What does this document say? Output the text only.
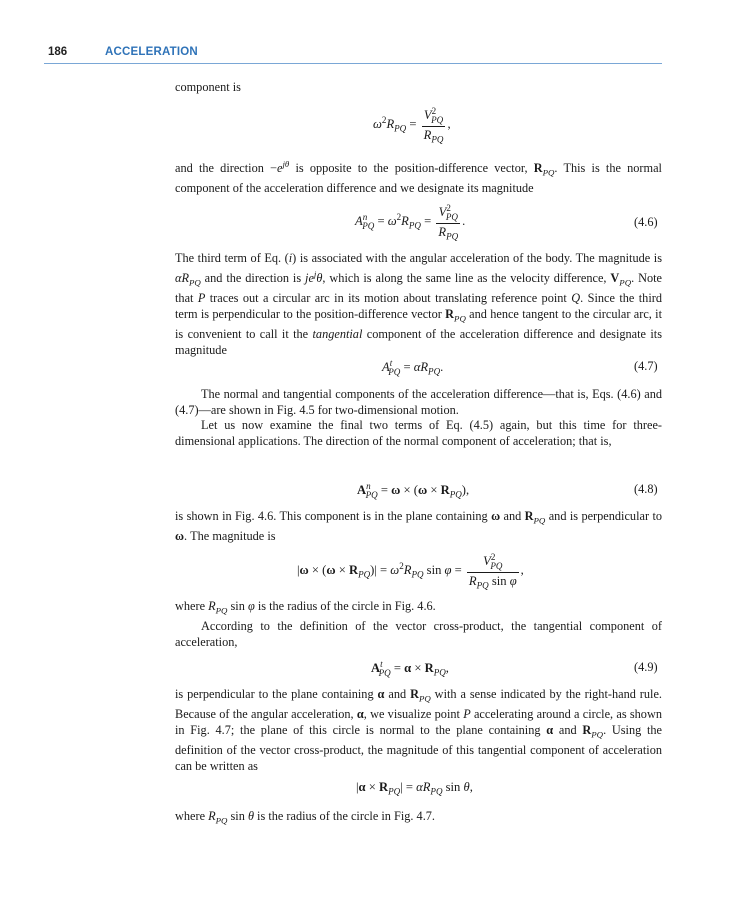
186	ACCELERATION

component is

$\omega^2R_{PQ} = \frac{V^2_{PQ}}{R_{PQ}}$ ,

and the direction $-e^{j\theta}$ is opposite to the position-difference vector, $R_{PQ}$. This is the normal component of the acceleration difference and we designate its magnitude

$A^n_{PQ} = \omega^2R_{PQ} = \frac{V^2_{PQ}}{R_{PQ}}$ .	(4.6)

The third term of Eq. (i) is associated with the angular acceleration of the body. The magnitude is $\alpha R_{PQ}$ and the direction is $je^j\theta$, which is along the same line as the velocity difference, $V_{PQ}$. Note that P traces out a circular arc in its motion about translating reference point Q. Since the third term is perpendicular to the position-difference vector $R_{PQ}$ and hence tangent to the circular arc, it is convenient to call it the tangential component of the acceleration difference and designate its magnitude

$A^t_{PQ} = \alpha R_{PQ}$.	(4.7)

The normal and tangential components of the acceleration difference—that is, Eqs. (4.6) and (4.7)—are shown in Fig. 4.5 for two-dimensional motion.

Let us now examine the final two terms of Eq. (4.5) again, but this time for three-dimensional applications. The direction of the normal component of acceleration; that is,

$A^n_{PQ} = \omega \times (\omega \times R_{PQ})$,	(4.8)

is shown in Fig. 4.6. This component is in the plane containing ω and $R_{PQ}$ and is perpendicular to ω. The magnitude is

$|\omega \times (\omega \times R_{PQ})| = \omega^2R_{PQ}$ $\sin \varphi = \frac{V^2_{PQ}}{R_{PQ} \sin \varphi}$ ,

where $R_{PQ}$ sin φ is the radius of the circle in Fig. 4.6.

According to the definition of the vector cross-product, the tangential component of acceleration,

$A^t_{PQ} = \alpha \times R_{PQ}$,	(4.9)

is perpendicular to the plane containing α and $R_{PQ}$ with a sense indicated by the right-hand rule. Because of the angular acceleration, α, we visualize point P accelerating around a circle, as shown in Fig. 4.7; the plane of this circle is normal to the plane containing α and $R_{PQ}$. Using the definition of the vector cross-product, the magnitude of this tangential component of acceleration can be written as

$|\alpha \times R_{PQ}| = \alpha R_{PQ}$ sin θ,

where $R_{PQ}$ sin θ is the radius of the circle in Fig. 4.7.
